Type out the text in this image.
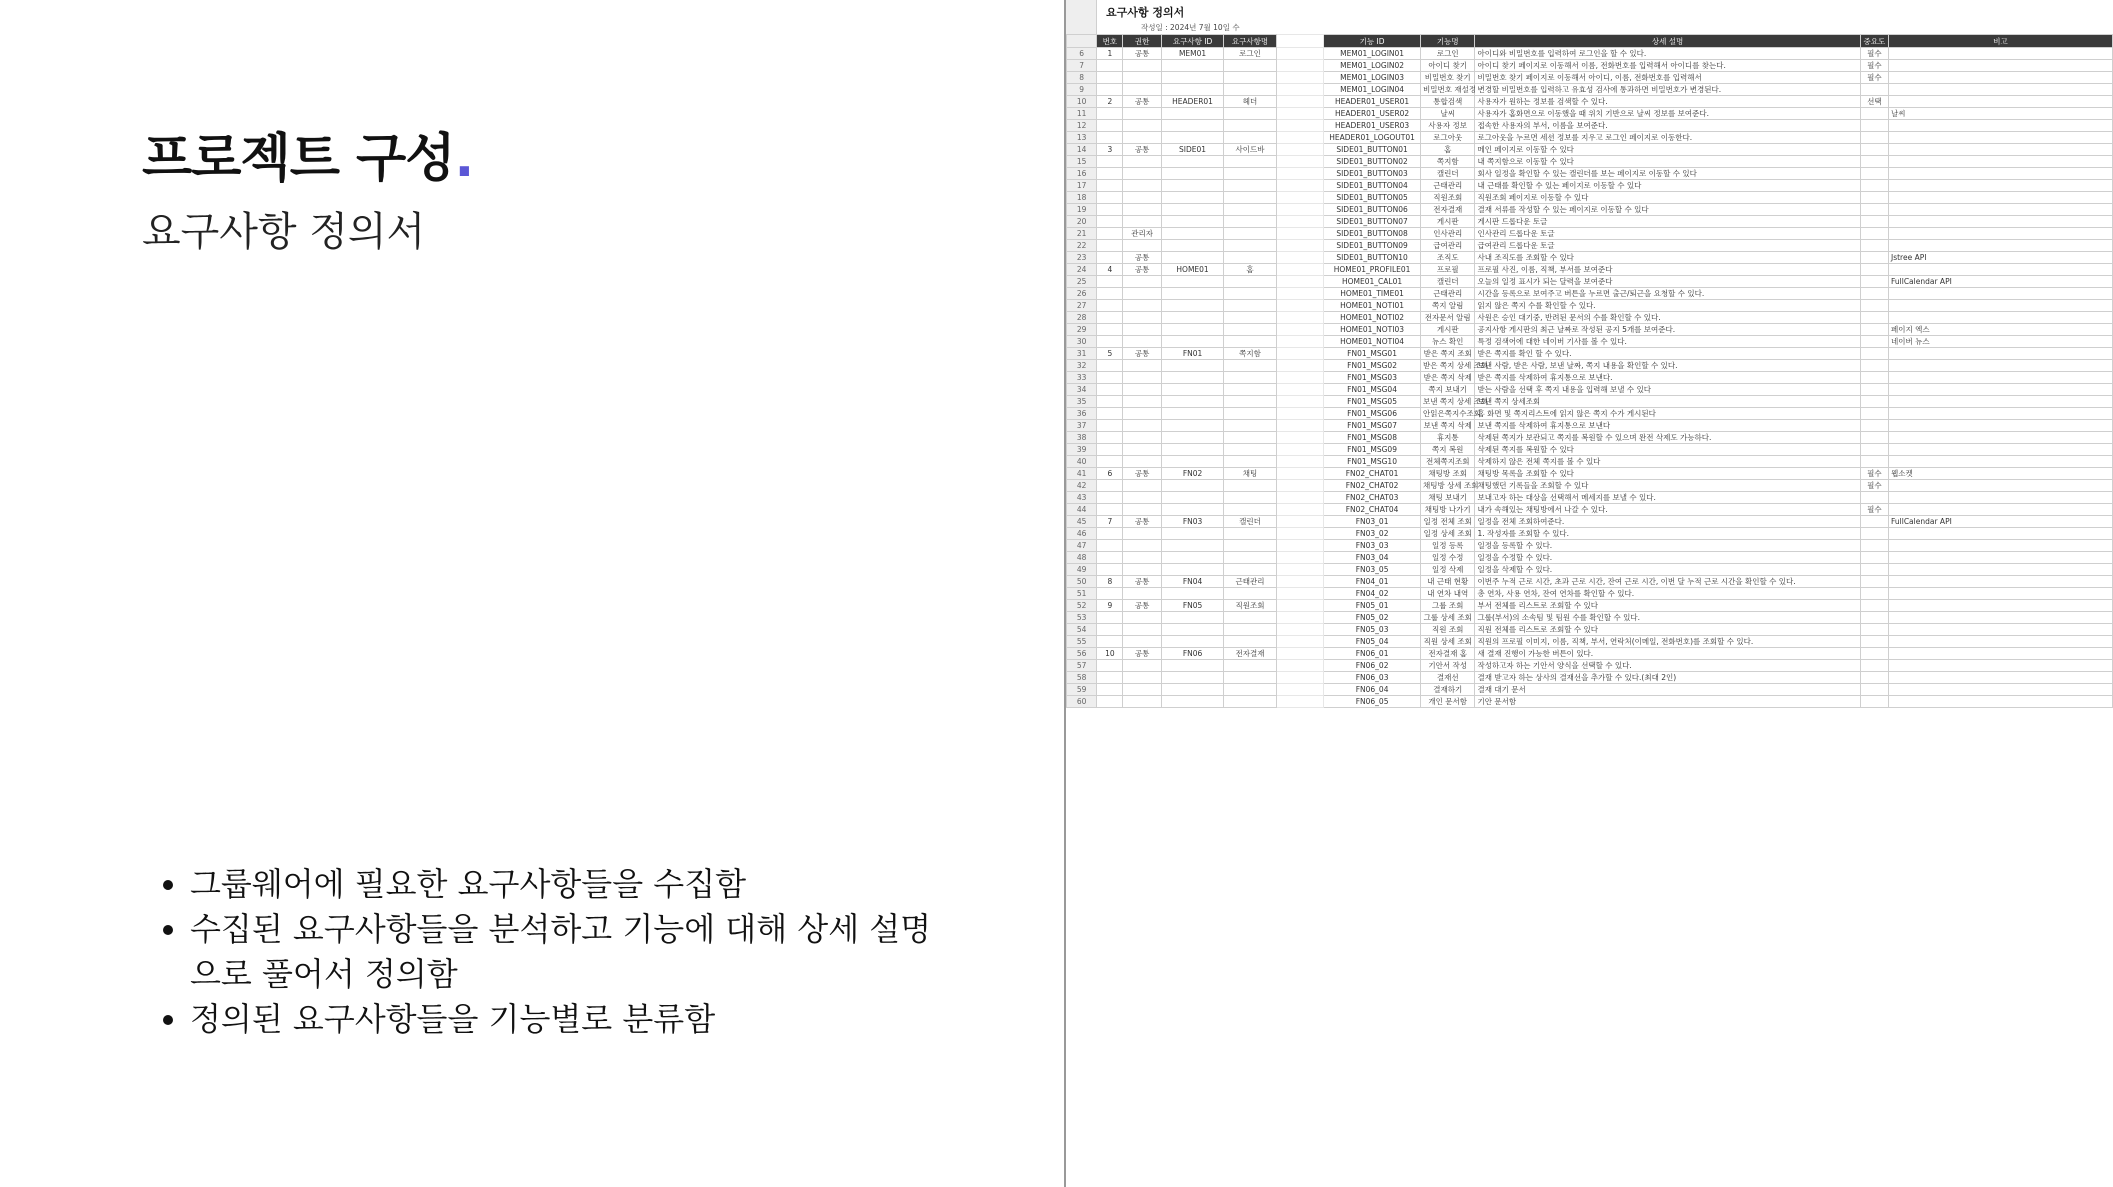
프로젝트 구성.
요구사항 정의서
• 그룹웨어에 필요한 요구사항들을 수집함
• 수집된 요구사항들을 분석하고 기능에 대해 상세 설명으로 풀어서 정의함
• 정의된 요구사항들을 기능별로 분류함
요구사항 정의서
작성일 : 2024년 7월 10일 수
	번호	권한	요구사항 ID	요구사항명		기능 ID	기능명	상세 설명	중요도	비고
6	1	공통	MEM01	로그인		MEM01_LOGIN01	로그인	아이디와 비밀번호를 입력하여 로그인을 할 수 있다.	필수	
7						MEM01_LOGIN02	아이디 찾기	아이디 찾기 페이지로 이동해서 이름, 전화번호를 입력해서 아이디를 찾는다.	필수	
8						MEM01_LOGIN03	비밀번호 찾기	비밀번호 찾기 페이지로 이동해서 아이디, 이름, 전화번호를 입력해서	필수	
9						MEM01_LOGIN04	비밀번호 재설정	변경할 비밀번호를 입력하고 유효성 검사에 통과하면 비밀번호가 변경된다.		
10	2	공통	HEADER01	헤더		HEADER01_USER01	통합검색	사용자가 원하는 정보를 검색할 수 있다.	선택	
11						HEADER01_USER02	날씨	사용자가 홈화면으로 이동했을 때 위치 기반으로 날씨 정보를 보여준다.		날씨
12						HEADER01_USER03	사용자 정보	접속한 사용자의 부서, 이름을 보여준다.		
13						HEADER01_LOGOUT01	로그아웃	로그아웃을 누르면 세션 정보를 지우고 로그인 페이지로 이동한다.		
14	3	공통	SIDE01	사이드바		SIDE01_BUTTON01	홈	메인 페이지로 이동할 수 있다		
15						SIDE01_BUTTON02	쪽지함	내 쪽지함으로 이동할 수 있다		
16						SIDE01_BUTTON03	캘린더	회사 일정을 확인할 수 있는 캘린더를 보는 페이지로 이동할 수 있다		
17						SIDE01_BUTTON04	근태관리	내 근태를 확인할 수 있는 페이지로 이동할 수 있다		
18						SIDE01_BUTTON05	직원조회	직원조회 페이지로 이동할 수 있다		
19						SIDE01_BUTTON06	전자결재	결재 서류를 작성할 수 있는 페이지로 이동할 수 있다		
20						SIDE01_BUTTON07	게시판	게시판 드롭다운 토글		
21		관리자				SIDE01_BUTTON08	인사관리	인사관리 드롭다운 토글		
22						SIDE01_BUTTON09	급여관리	급여관리 드롭다운 토글		
23		공통				SIDE01_BUTTON10	조직도	사내 조직도를 조회할 수 있다		Jstree API
24	4	공통	HOME01	홈		HOME01_PROFILE01	프로필	프로필 사진, 이름, 직책, 부서를 보여준다		
25						HOME01_CAL01	캘린더	오늘의 일정 표시가 되는 달력을 보여준다		FullCalendar API
26						HOME01_TIME01	근태관리	시간을 등록으로 보여주고 버튼을 누르면 출근/퇴근을 요청할 수 있다.		
27						HOME01_NOTI01	쪽지 알림	읽지 않은 쪽지 수를 확인할 수 있다.		
28						HOME01_NOTI02	전자문서 알림	사원은 승인 대기중, 반려된 문서의 수를 확인할 수 있다.		
29						HOME01_NOTI03	게시판	공지사항 게시판의 최근 날짜로 작성된 공지 5개를 보여준다.		페이지 엑스
30						HOME01_NOTI04	뉴스 확인	특정 검색어에 대한 네이버 기사를 볼 수 있다.		네이버 뉴스
31	5	공통	FN01	쪽지함		FN01_MSG01	받은 쪽지 조회	받은 쪽지를 확인 할 수 있다.		
32						FN01_MSG02	받은 쪽지 상세 조회	보낸 사람, 받은 사람, 보낸 날짜, 쪽지 내용을 확인할 수 있다.		
33						FN01_MSG03	받은 쪽지 삭제	받은 쪽지를 삭제하여 휴지통으로 보낸다.		
34						FN01_MSG04	쪽지 보내기	받는 사람을 선택 후 쪽지 내용을 입력해 보낼 수 있다		
35						FN01_MSG05	보낸 쪽지 상세 조회	보낸 쪽지 상세조회		
36						FN01_MSG06	안읽은쪽지수조회	홈 화면 및 쪽지리스트에 읽지 않은 쪽지 수가 게시된다		
37						FN01_MSG07	보낸 쪽지 삭제	보낸 쪽지를 삭제하여 휴지통으로 보낸다		
38						FN01_MSG08	휴지통	삭제된 쪽지가 보관되고 쪽지를 복원할 수 있으며 완전 삭제도 가능하다.		
39						FN01_MSG09	쪽지 복원	삭제된 쪽지를 복원할 수 있다		
40						FN01_MSG10	전체쪽지조회	삭제하지 않은 전체 쪽지를 볼 수 있다		
41	6	공통	FN02	채팅		FN02_CHAT01	채팅방 조회	채팅방 목록을 조회할 수 있다	필수	웹소켓
42						FN02_CHAT02	채팅방 상세 조회	채팅했던 기록들을 조회할 수 있다	필수	
43						FN02_CHAT03	채팅 보내기	보내고자 하는 대상을 선택해서 메세지를 보낼 수 있다.		
44						FN02_CHAT04	채팅방 나가기	내가 속해있는 채팅방에서 나갈 수 있다.	필수	
45	7	공통	FN03	캘린더		FN03_01	일정 전체 조회	일정을 전체 조회하여준다.		FullCalendar API
46						FN03_02	일정 상세 조회	1. 작성자를 조회할 수 있다.		
47						FN03_03	일정 등록	일정을 등록할 수 있다.		
48						FN03_04	일정 수정	일정을 수정할 수 있다.		
49						FN03_05	일정 삭제	일정을 삭제할 수 있다.		
50	8	공통	FN04	근태관리		FN04_01	내 근태 현황	이번주 누적 근로 시간, 초과 근로 시간, 잔여 근로 시간, 이번 달 누적 근로 시간을 확인할 수 있다.		
51						FN04_02	내 연차 내역	총 연차, 사용 연차, 잔여 연차를 확인할 수 있다.		
52	9	공통	FN05	직원조회		FN05_01	그룹 조회	부서 전체를 리스트로 조회할 수 있다		
53						FN05_02	그룹 상세 조회	그룹(부서)의 소속팀 및 팀원 수를 확인할 수 있다.		
54						FN05_03	직원 조회	직원 전체를 리스트로 조회할 수 있다		
55						FN05_04	직원 상세 조회	직원의 프로필 이미지, 이름, 직책, 부서, 연락처(이메일, 전화번호)를 조회할 수 있다.		
56	10	공통	FN06	전자결재		FN06_01	전자결재 홈	새 결재 진행이 가능한 버튼이 있다.		
57						FN06_02	기안서 작성	작성하고자 하는 기안서 양식을 선택할 수 있다.		
58						FN06_03	결재선	결재 받고자 하는 상사의 결재선을 추가할 수 있다.(최대 2인)		
59						FN06_04	결재하기	결재 대기 문서		
60						FN06_05	개인 문서함	기안 문서함		
